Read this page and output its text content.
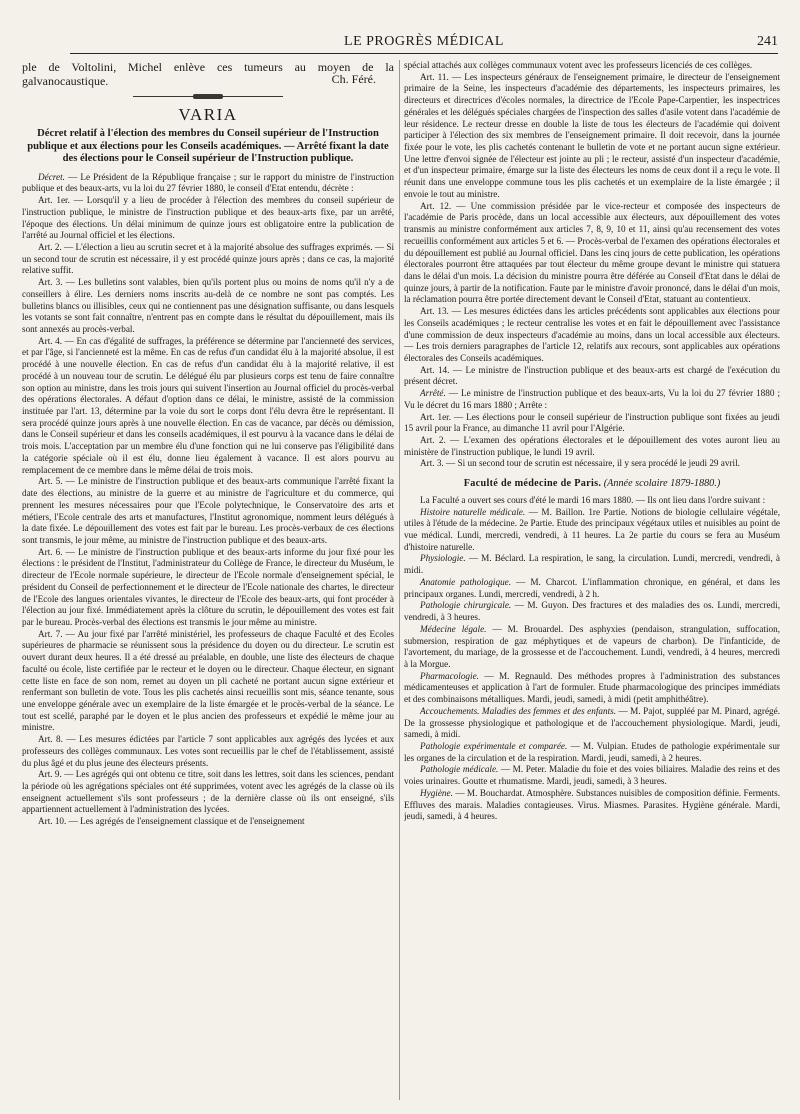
LE PROGRÈS MÉDICAL	241

ple de Voltolini, Michel enlève ces tumeurs au moyen de la galvanocaustique.	Ch. Féré.
VARIA

Décret relatif à l'élection des membres du Conseil supérieur de l'Instruction publique et aux élections pour les Conseils académiques. — Arrêté fixant la date des élections pour le Conseil supérieur de l'Instruction publique.

Décret. — Le Président de la République française ; sur le rapport du ministre de l'instruction publique et des beaux-arts, vu la loi du 27 février 1880, le conseil d'Etat entendu, décrète :

Art. 1er. — Lorsqu'il y a lieu de procéder à l'élection des membres du conseil supérieur de l'instruction publique, le ministre de l'instruction publique et des beaux-arts fixe, par un arrêté, l'époque des élections. Un délai minimum de quinze jours est obligatoire entre la publication de l'arrêté au Journal officiel et les élections.

Art. 2. — L'élection a lieu au scrutin secret et à la majorité absolue des suffrages exprimés. — Si un second tour de scrutin est nécessaire, il y est procédé quinze jours après ; dans ce cas, la majorité relative suffit.

Art. 3. — Les bulletins sont valables, bien qu'ils portent plus ou moins de noms qu'il n'y a de conseillers à élire. Les derniers noms inscrits au-delà de ce nombre ne sont pas comptés. Les bulletins blancs ou illisibles, ceux qui ne contiennent pas une désignation suffisante, ou dans lesquels les votants se sont fait connaître, n'entrent pas en compte dans le résultat du dépouillement, mais ils sont annexés au procès-verbal.

Art. 4. — En cas d'égalité de suffrages, la préférence se détermine par l'ancienneté des services, et par l'âge, si l'ancienneté est la même. En cas de refus d'un candidat élu à la majorité absolue, il est procédé à une nouvelle élection. En cas de refus d'un candidat élu à la majorité relative, il est procédé à un nouveau tour de scrutin. Le délégué élu par plusieurs corps est tenu de faire connaître son option au ministre, dans les trois jours qui suivent l'insertion au Journal officiel du procès-verbal des opérations électorales. A défaut d'option dans ce délai, le ministre, assisté de la commission instituée par l'art. 13, détermine par la voie du sort le corps dont l'élu devra être le représentant. Il sera procédé quinze jours après à une nouvelle élection. En cas de vacance, par décès ou démission, dans le Conseil supérieur et dans les conseils académiques, il est pourvu à la vacance dans le délai de trois mois. L'acceptation par un membre élu d'une fonction qui ne lui conserve pas l'éligibilité dans la catégorie spéciale où il est élu, donne lieu également à vacance. Il est alors pourvu au remplacement de ce membre dans le même délai de trois mois.

Art. 5. — Le ministre de l'instruction publique et des beaux-arts communique l'arrêté fixant la date des élections, au ministre de la guerre et au ministre de l'agriculture et du commerce, qui prennent les mesures nécessaires pour que l'Ecole polytechnique, le Conservatoire des arts et métiers, l'Ecole centrale des arts et manufactures, l'Institut agronomique, nomment leurs délégués à la date fixée. Le dépouillement des votes est fait par le bureau. Les procès-verbaux de ces élections sont transmis, le jour même, au ministre de l'instruction publique et des beaux-arts.

Art. 6. — Le ministre de l'instruction publique et des beaux-arts informe du jour fixé pour les élections : le président de l'Institut, l'administrateur du Collège de France, le directeur du Muséum, le directeur de l'Ecole normale supérieure, le directeur de l'Ecole normale d'enseignement spécial, le président du Conseil de perfectionnement et le directeur de l'Ecole nationale des chartes, le directeur de l'Ecole des langues orientales vivantes, le directeur de l'Ecole des beaux-arts, qui font procéder à l'élection au jour fixé. Immédiatement après la clôture du scrutin, le dépouillement des votes est fait par le bureau. Procès-verbal des élections est transmis le jour même au ministre.

Art. 7. — Au jour fixé par l'arrêté ministériel, les professeurs de chaque Faculté et des Ecoles supérieures de pharmacie se réunissent sous la présidence du doyen ou du directeur. Le scrutin est ouvert durant deux heures. Il a été dressé au préalable, en double, une liste des électeurs de chaque faculté ou école, liste certifiée par le recteur et le doyen ou le directeur. Chaque électeur, en signant cette liste en face de son nom, remet au doyen un pli cacheté ne portant aucun signe extérieur et renfermant son bulletin de vote. Tous les plis cachetés ainsi recueillis sont mis, séance tenante, sous une enveloppe générale avec un exemplaire de la liste émargée et le procès-verbal de la séance. Le tout est scellé, paraphé par le doyen et le plus ancien des professeurs et expédié le même jour au ministre.

Art. 8. — Les mesures édictées par l'article 7 sont applicables aux agrégés des lycées et aux professeurs des collèges communaux. Les votes sont recueillis par le chef de l'établissement, assisté du plus âgé et du plus jeune des électeurs présents.

Art. 9. — Les agrégés qui ont obtenu ce titre, soit dans les lettres, soit dans les sciences, pendant la période où les agrégations spéciales ont été supprimées, votent avec les agrégés de la classe où ils enseignent actuellement s'ils sont professeurs ; de la dernière classe où ils ont enseigné, s'ils appartiennent actuellement à l'administration des lycées.

Art. 10. — Les agrégés de l'enseignement classique et de l'enseignement

spécial attachés aux collèges communaux votent avec les professeurs licenciés de ces collèges.

Art. 11. — Les inspecteurs généraux de l'enseignement primaire, le directeur de l'enseignement primaire de la Seine, les inspecteurs d'académie des départements, les inspecteurs primaires, les directeurs et directrices d'écoles normales, la directrice de l'Ecole Pape-Carpentier, les inspectrices générales et les délégués spéciales chargées de l'inspection des salles d'asile votent dans l'académie de leur résidence. Le recteur dresse en double la liste de tous les électeurs de l'académie qui doivent participer à l'élection des six membres de l'enseignement primaire. Il doit recevoir, dans la journée fixée pour le vote, les plis cachetés contenant le bulletin de vote et ne portant aucun signe extérieur. Une lettre d'envoi signée de l'électeur est jointe au pli ; le recteur, assisté d'un inspecteur d'académie, et d'un inspecteur primaire, émarge sur la liste des électeurs les noms de ceux dont il a reçu le vote. Il réunit dans une enveloppe commune tous les plis cachetés et un exemplaire de la liste émargée ; il envoie le tout au ministre.

Art. 12. — Une commission présidée par le vice-recteur et composée des inspecteurs de l'académie de Paris procède, dans un local accessible aux électeurs, aux dépouillement des votes transmis au ministre conformément aux articles 7, 8, 9, 10 et 11, ainsi qu'au recensement des votes recueillis conformément aux articles 5 et 6. — Procès-verbal de l'examen des opérations électorales et du dépouillement est publié au Journal officiel. Dans les cinq jours de cette publication, les opérations électorales pourront être attaquées par tout électeur du même groupe devant le ministre qui statuera dans le délai d'un mois. La décision du ministre pourra être déférée au Conseil d'Etat dans le délai de quinze jours, à partir de la notification. Faute par le ministre d'avoir prononcé, dans le délai d'un mois, la réclamation pourra être portée directement devant le Conseil d'Etat, statuant au contentieux.

Art. 13. — Les mesures édictées dans les articles précédents sont applicables aux élections pour les Conseils académiques ; le recteur centralise les votes et en fait le dépouillement avec l'assistance d'une commission de deux inspecteurs d'académie au moins, dans un local accessible aux électeurs. — Les trois derniers paragraphes de l'article 12, relatifs aux recours, sont applicables aux opérations électorales des Conseils académiques.

Art. 14. — Le ministre de l'instruction publique et des beaux-arts est chargé de l'exécution du présent décret.

Arrêté. — Le ministre de l'instruction publique et des beaux-arts, Vu la loi du 27 février 1880 ; Vu le décret du 16 mars 1880 ; Arrête :

Art. 1er. — Les élections pour le conseil supérieur de l'instruction publique sont fixées au jeudi 15 avril pour la France, au dimanche 11 avril pour l'Algérie.

Art. 2. — L'examen des opérations électorales et le dépouillement des votes auront lieu au ministère de l'instruction publique, le lundi 19 avril.

Art. 3. — Si un second tour de scrutin est nécessaire, il y sera procédé le jeudi 29 avril.

Faculté de médecine de Paris. (Année scolaire 1879-1880.)

La Faculté a ouvert ses cours d'été le mardi 16 mars 1880. — Ils ont lieu dans l'ordre suivant :

Histoire naturelle médicale. — M. Baillon. 1re Partie. Notions de biologie cellulaire végétale, utiles à l'étude de la médecine. 2e Partie. Etude des principaux végétaux utiles et nuisibles au point de vue médical. Lundi, mercredi, vendredi, à 11 heures. La 2e partie du cours se fera au Muséum d'histoire naturelle.

Physiologie. — M. Béclard. La respiration, le sang, la circulation. Lundi, mercredi, vendredi, à midi.

Anatomie pathologique. — M. Charcot. L'inflammation chronique, en général, et dans les principaux organes. Lundi, mercredi, vendredi, à 2 h.

Pathologie chirurgicale. — M. Guyon. Des fractures et des maladies des os. Lundi, mercredi, vendredi, à 3 heures.

Médecine légale. — M. Brouardel. Des asphyxies (pendaison, strangulation, suffocation, submersion, respiration de gaz méphytiques et de vapeurs de charbon). De l'infanticide, de l'avortement, du mariage, de la grossesse et de l'accouchement. Lundi, vendredi, à 4 heures, mercredi à la Morgue.

Pharmacologie. — M. Regnauld. Des méthodes propres à l'administration des substances médicamenteuses et application à l'art de formuler. Etude pharmacologique des principes immédiats et des combinaisons métalliques. Mardi, jeudi, samedi, à midi (petit amphithéâtre).

Accouchements. Maladies des femmes et des enfants. — M. Pajot, suppléé par M. Pinard, agrégé. De la grossesse physiologique et pathologique et de l'accouchement physiologique. Mardi, jeudi, samedi, à midi.

Pathologie expérimentale et comparée. — M. Vulpian. Etudes de pathologie expérimentale sur les organes de la circulation et de la respiration. Mardi, jeudi, samedi, à 2 heures.

Pathologie médicale. — M. Peter. Maladie du foie et des voies biliaires. Maladie des reins et des voies urinaires. Goutte et rhumatisme. Mardi, jeudi, samedi, à 3 heures.

Hygiène. — M. Bouchardat. Atmosphère. Substances nuisibles de composition définie. Ferments. Effluves des marais. Maladies contagieuses. Virus. Miasmes. Parasites. Hygiène générale. Mardi, jeudi, samedi, à 4 heures.
